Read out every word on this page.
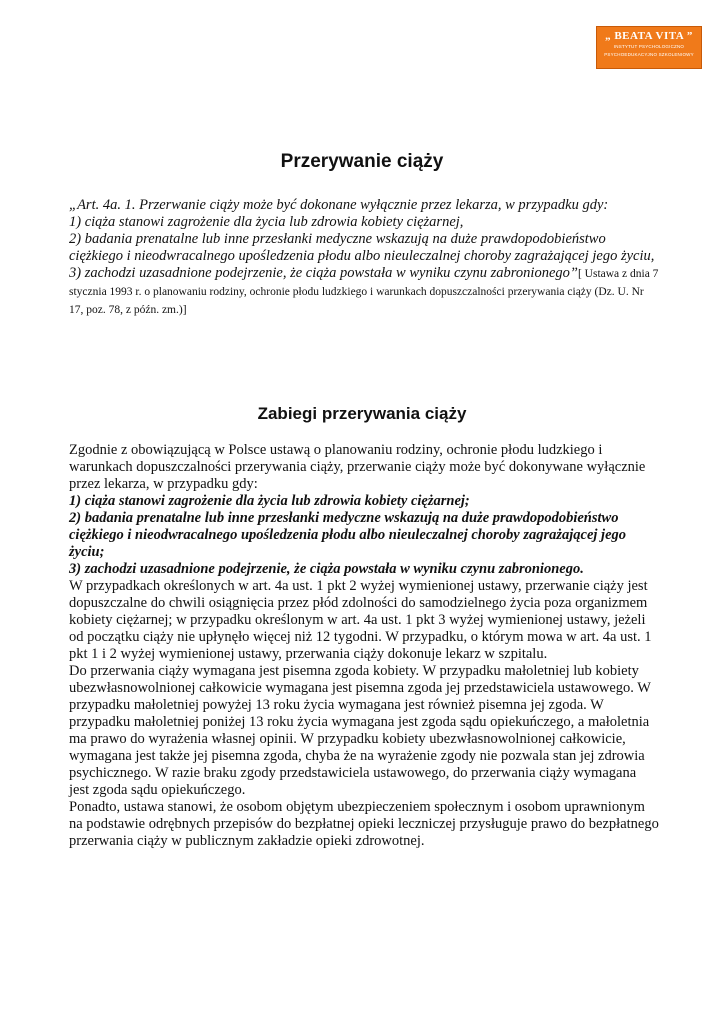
„ BEATA VITA ”
INSTYTUT PSYCHOLOGICZNO
PSYCHOEDUKACYJNO SZKOLENIOWY
Przerywanie ciąży
„Art. 4a. 1. Przerwanie ciąży może być dokonane wyłącznie przez lekarza, w przypadku gdy:
1) ciąża stanowi zagrożenie dla życia lub zdrowia kobiety ciężarnej,
2) badania prenatalne lub inne przesłanki medyczne wskazują na duże prawdopodobieństwo ciężkiego i nieodwracalnego upośledzenia płodu albo nieuleczalnej choroby zagrażającej jego życiu,
3) zachodzi uzasadnione podejrzenie, że ciąża powstała w wyniku czynu zabronionego”[ Ustawa z dnia 7 stycznia 1993 r. o planowaniu rodziny, ochronie płodu ludzkiego i warunkach dopuszczalności przerywania ciąży (Dz. U. Nr 17, poz. 78, z późn. zm.)]
Zabiegi przerywania ciąży
Zgodnie z obowiązującą w Polsce ustawą o planowaniu rodziny, ochronie płodu ludzkiego i warunkach dopuszczalności przerywania ciąży, przerwanie ciąży może być dokonywane wyłącznie przez lekarza, w przypadku gdy:
1) ciąża stanowi zagrożenie dla życia lub zdrowia kobiety ciężarnej;
2) badania prenatalne lub inne przesłanki medyczne wskazują na duże prawdopodobieństwo ciężkiego i nieodwracalnego upośledzenia płodu albo nieuleczalnej choroby zagrażającej jego życiu;
3) zachodzi uzasadnione podejrzenie, że ciąża powstała w wyniku czynu zabronionego.
W przypadkach określonych w art. 4a ust. 1 pkt 2 wyżej wymienionej ustawy, przerwanie ciąży jest dopuszczalne do chwili osiągnięcia przez płód zdolności do samodzielnego życia poza organizmem kobiety ciężarnej; w przypadku określonym w art. 4a ust. 1 pkt 3 wyżej wymienionej ustawy, jeżeli od początku ciąży nie upłynęło więcej niż 12 tygodni. W przypadku, o którym mowa w art. 4a ust. 1 pkt 1 i 2 wyżej wymienionej ustawy, przerwania ciąży dokonuje lekarz w szpitalu.
Do przerwania ciąży wymagana jest pisemna zgoda kobiety. W przypadku małoletniej lub kobiety ubezwłasnowolnionej całkowicie wymagana jest pisemna zgoda jej przedstawiciela ustawowego. W przypadku małoletniej powyżej 13 roku życia wymagana jest również pisemna jej zgoda. W przypadku małoletniej poniżej 13 roku życia wymagana jest zgoda sądu opiekuńczego, a małoletnia ma prawo do wyrażenia własnej opinii. W przypadku kobiety ubezwłasnowolnionej całkowicie, wymagana jest także jej pisemna zgoda, chyba że na wyrażenie zgody nie pozwala stan jej zdrowia psychicznego. W razie braku zgody przedstawiciela ustawowego, do przerwania ciąży wymagana jest zgoda sądu opiekuńczego.
Ponadto, ustawa stanowi, że osobom objętym ubezpieczeniem społecznym i osobom uprawnionym na podstawie odrębnych przepisów do bezpłatnej opieki leczniczej przysługuje prawo do bezpłatnego przerwania ciąży w publicznym zakładzie opieki zdrowotnej.
